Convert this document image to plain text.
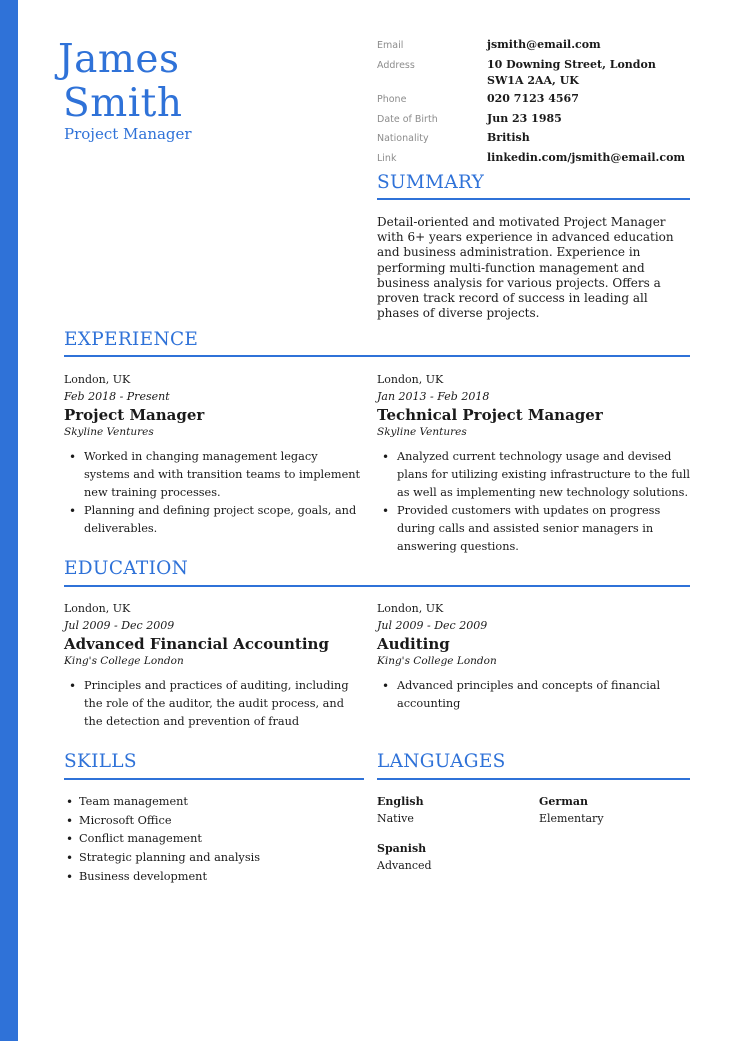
James
Smith
Project Manager
Email	jsmith@email.com
Address	10 Downing Street, London SW1A 2AA, UK
Phone	020 7123 4567
Date of Birth	Jun 23 1985
Nationality	British
Link	linkedin.com/jsmith@email.com
SUMMARY
Detail-oriented and motivated Project Manager with 6+ years experience in advanced education and business administration. Experience in performing multi-function management and business analysis for various projects. Offers a proven track record of success in leading all phases of diverse projects.
EXPERIENCE
London, UK
Feb 2018 - Present
Project Manager
Skyline Ventures
• Worked in changing management legacy systems and with transition teams to implement new training processes.
• Planning and defining project scope, goals, and deliverables.
London, UK
Jan 2013 - Feb 2018
Technical Project Manager
Skyline Ventures
• Analyzed current technology usage and devised plans for utilizing existing infrastructure to the full as well as implementing new technology solutions.
• Provided customers with updates on progress during calls and assisted senior managers in answering questions.
EDUCATION
London, UK
Jul 2009 - Dec 2009
Advanced Financial Accounting
King's College London
• Principles and practices of auditing, including the role of the auditor, the audit process, and the detection and prevention of fraud
London, UK
Jul 2009 - Dec 2009
Auditing
King's College London
• Advanced principles and concepts of financial accounting
SKILLS
• Team management
• Microsoft Office
• Conflict management
• Strategic planning and analysis
• Business development
LANGUAGES
English
Native
German
Elementary
Spanish
Advanced
